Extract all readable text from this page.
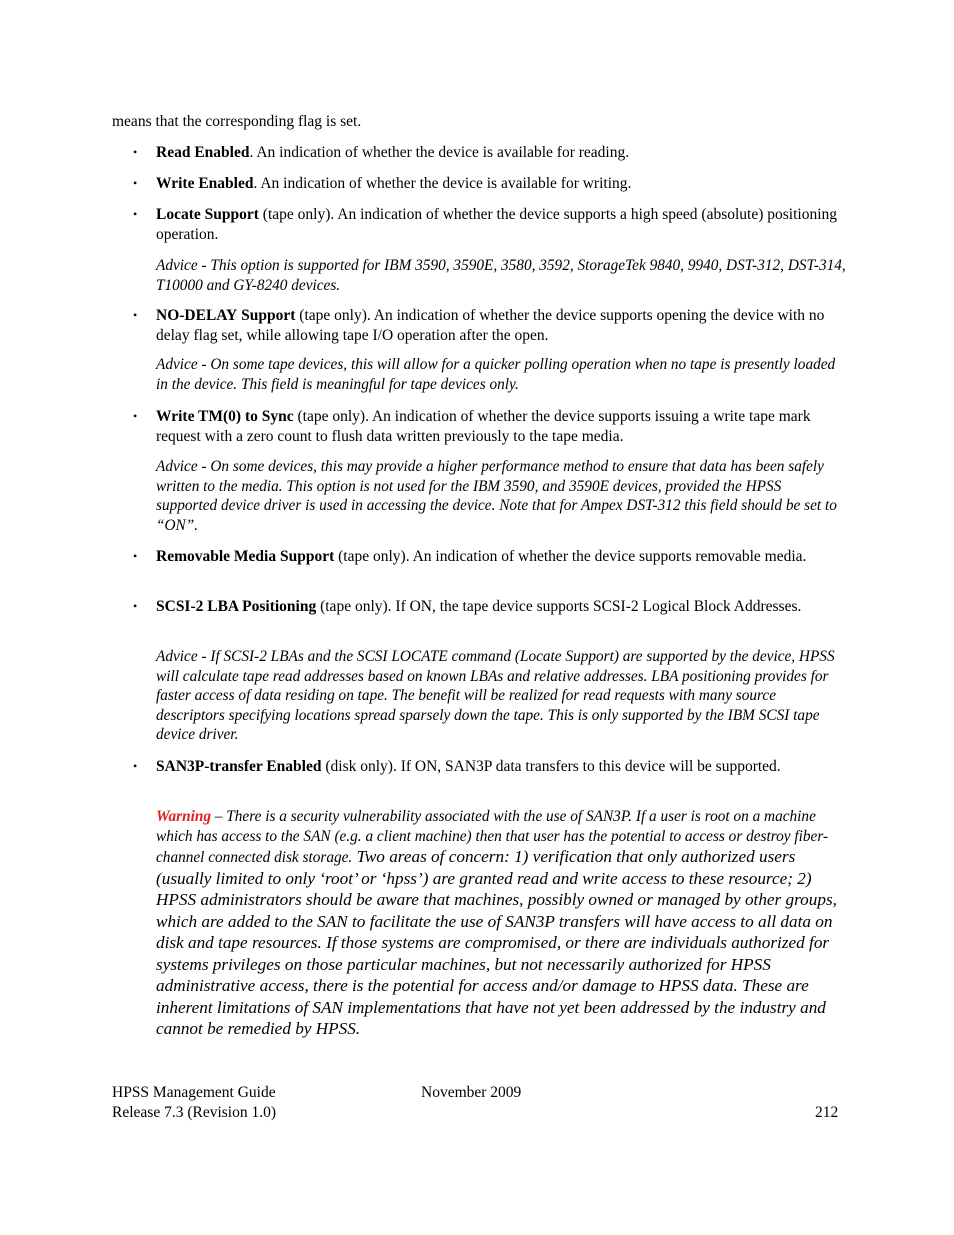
means that the corresponding flag is set.
• Read Enabled. An indication of whether the device is available for reading.
• Write Enabled. An indication of whether the device is available for writing.
• Locate Support (tape only). An indication of whether the device supports a high speed (absolute) positioning operation.
Advice - This option is supported for IBM 3590, 3590E, 3580, 3592, StorageTek 9840, 9940, DST-312, DST-314, T10000 and GY-8240 devices.
• NO-DELAY Support (tape only). An indication of whether the device supports opening the device with no delay flag set, while allowing tape I/O operation after the open.
Advice - On some tape devices, this will allow for a quicker polling operation when no tape is presently loaded in the device. This field is meaningful for tape devices only.
• Write TM(0) to Sync (tape only). An indication of whether the device supports issuing a write tape mark request with a zero count to flush data written previously to the tape media.
Advice - On some devices, this may provide a higher performance method to ensure that data has been safely written to the media. This option is not used for the IBM 3590, and 3590E devices, provided the HPSS supported device driver is used in accessing the device. Note that for Ampex DST-312 this field should be set to “ON”.
• Removable Media Support (tape only). An indication of whether the device supports removable media.
• SCSI-2 LBA Positioning (tape only). If ON, the tape device supports SCSI-2 Logical Block Addresses.
Advice - If SCSI-2 LBAs and the SCSI LOCATE command (Locate Support) are supported by the device, HPSS will calculate tape read addresses based on known LBAs and relative addresses. LBA positioning provides for faster access of data residing on tape. The benefit will be realized for read requests with many source descriptors specifying locations spread sparsely down the tape. This is only supported by the IBM SCSI tape device driver.
• SAN3P-transfer Enabled (disk only). If ON, SAN3P data transfers to this device will be supported.
Warning – There is a security vulnerability associated with the use of SAN3P. If a user is root on a machine which has access to the SAN (e.g. a client machine) then that user has the potential to access or destroy fiber-channel connected disk storage. Two areas of concern: 1) verification that only authorized users (usually limited to only ‘root’ or ‘hpss’) are granted read and write access to these resource; 2) HPSS administrators should be aware that machines, possibly owned or managed by other groups, which are added to the SAN to facilitate the use of SAN3P transfers will have access to all data on disk and tape resources. If those systems are compromised, or there are individuals authorized for systems privileges on those particular machines, but not necessarily authorized for HPSS administrative access, there is the potential for access and/or damage to HPSS data. These are inherent limitations of SAN implementations that have not yet been addressed by the industry and cannot be remedied by HPSS.
HPSS Management Guide	November 2009
Release 7.3 (Revision 1.0)	212
